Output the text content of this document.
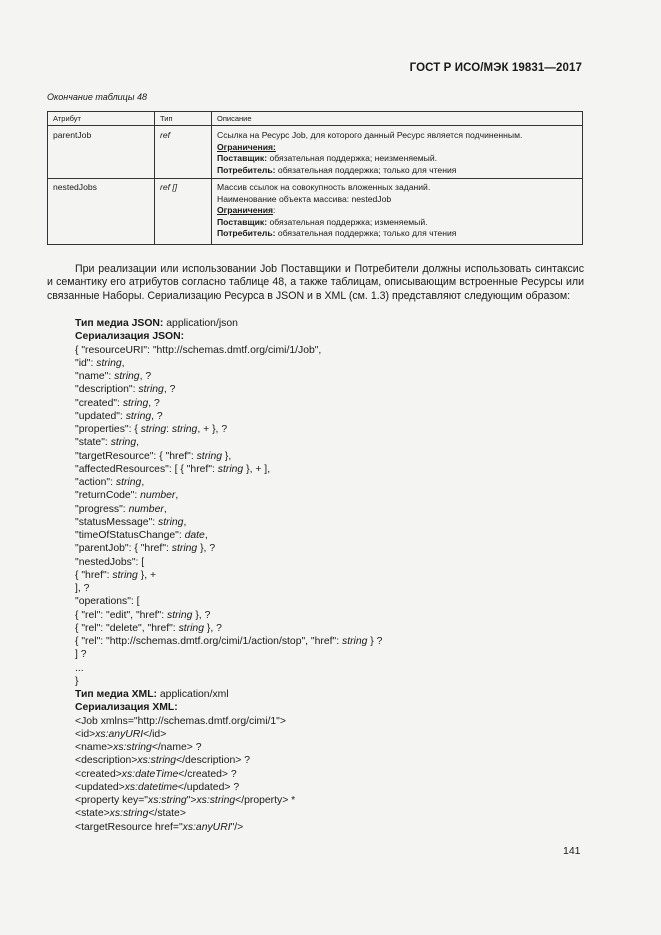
ГОСТ Р ИСО/МЭК 19831—2017
Окончание таблицы 48
Атрибут	Тип	Описание
parentJob	ref	Ссылка на Ресурс Job, для которого данный Ресурс является подчиненным.
Ограничения:
Поставщик: обязательная поддержка; неизменяемый.
Потребитель: обязательная поддержка; только для чтения

nestedJobs	ref []	Массив ссылок на совокупность вложенных заданий.
Наименование объекта массива: nestedJob
Ограничения:
Поставщик: обязательная поддержка; изменяемый.
Потребитель: обязательная поддержка; только для чтения
При реализации или использовании Job Поставщики и Потребители должны использовать синтаксис и семантику его атрибутов согласно таблице 48, а также таблицам, описывающим встроенные Ресурсы или связанные Наборы. Сериализацию Ресурса в JSON и в XML (см. 1.3) представляют следующим образом:
Тип медиа JSON: application/json
Сериализация JSON:
{ "resourceURI": "http://schemas.dmtf.org/cimi/1/Job",
"id": string,
"name": string, ?
"description": string, ?
"created": string, ?
"updated": string, ?
"properties": { string: string, + }, ?
"state": string,
"targetResource": { "href": string },
"affectedResources": [ { "href": string }, + ],
"action": string,
"returnCode": number,
"progress": number,
"statusMessage": string,
"timeOfStatusChange": date,
"parentJob": { "href": string }, ?
"nestedJobs": [
{ "href": string }, +
], ?
"operations": [
{ "rel": "edit", "href": string }, ?
{ "rel": "delete", "href": string }, ?
{ "rel": "http://schemas.dmtf.org/cimi/1/action/stop", "href": string } ?
] ?
...
}
Тип медиа XML: application/xml
Сериализация XML:
<Job xmlns="http://schemas.dmtf.org/cimi/1">
<id>xs:anyURI</id>
<name>xs:string</name> ?
<description>xs:string</description> ?
<created>xs:dateTime</created> ?
<updated>xs:datetime</updated> ?
<property key="xs:string">xs:string</property> *
<state>xs:string</state>
<targetResource href="xs:anyURI"/>
141
